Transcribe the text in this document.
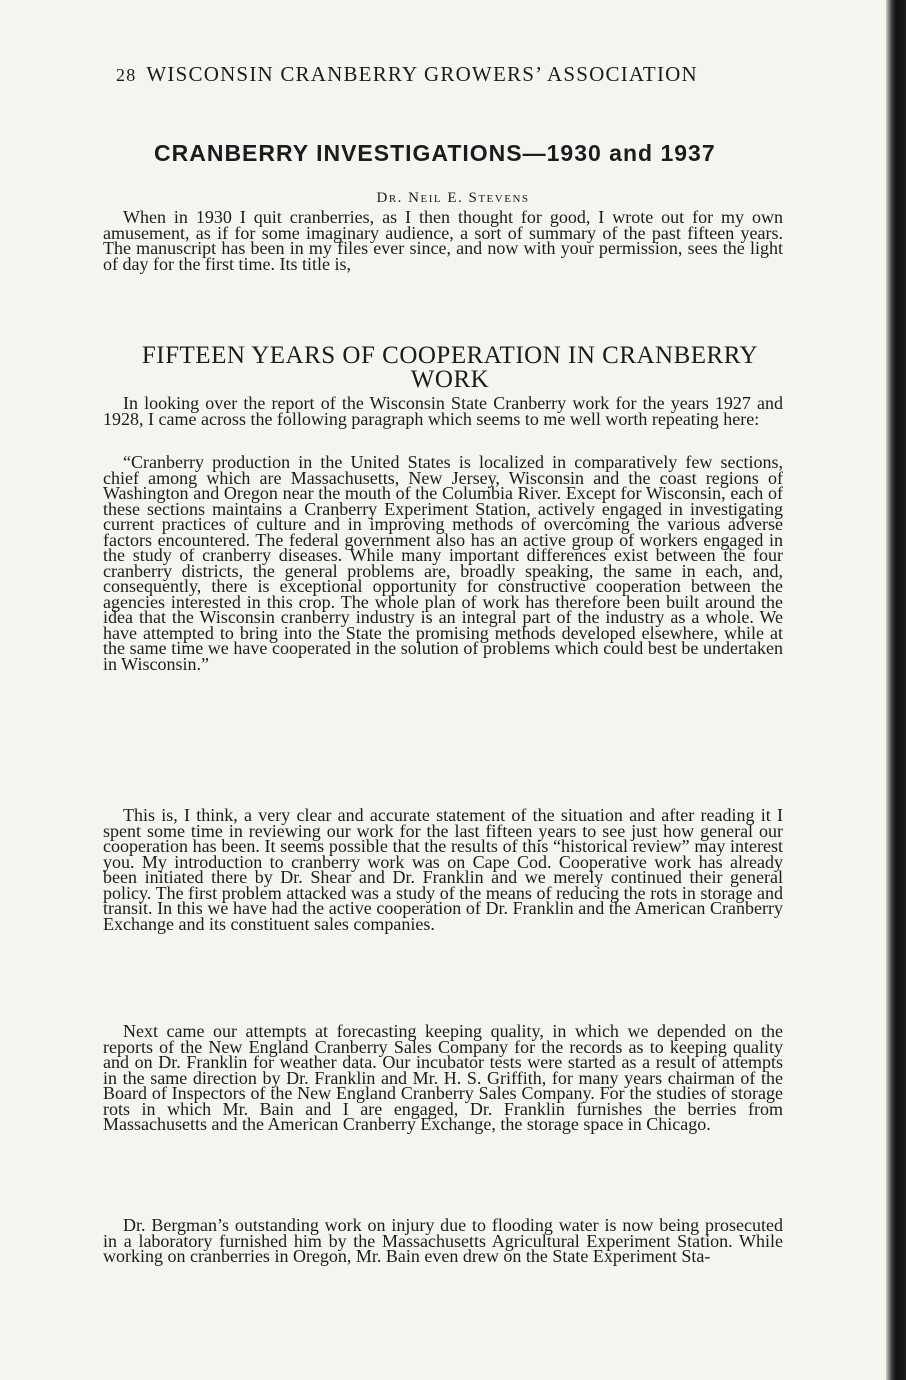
28 WISCONSIN CRANBERRY GROWERS’ ASSOCIATION
CRANBERRY INVESTIGATIONS—1930 and 1937
Dr. Neil E. Stevens

When in 1930 I quit cranberries, as I then thought for good, I wrote out for my own amusement, as if for some imaginary audience, a sort of summary of the past fifteen years. The manuscript has been in my files ever since, and now with your permission, sees the light of day for the first time. Its title is,

FIFTEEN YEARS OF COOPERATION IN CRANBERRY WORK

In looking over the report of the Wisconsin State Cranberry work for the years 1927 and 1928, I came across the following paragraph which seems to me well worth repeating here:

“Cranberry production in the United States is localized in comparatively few sections, chief among which are Massachusetts, New Jersey, Wisconsin and the coast regions of Washington and Oregon near the mouth of the Columbia River. Except for Wisconsin, each of these sections maintains a Cranberry Experiment Station, actively engaged in investigating current practices of culture and in improving methods of overcoming the various adverse factors encountered. The federal government also has an active group of workers engaged in the study of cranberry diseases. While many important differences exist between the four cranberry districts, the general problems are, broadly speaking, the same in each, and, consequently, there is exceptional opportunity for constructive cooperation between the agencies interested in this crop. The whole plan of work has therefore been built around the idea that the Wisconsin cranberry industry is an integral part of the industry as a whole. We have attempted to bring into the State the promising methods developed elsewhere, while at the same time we have cooperated in the solution of problems which could best be undertaken in Wisconsin.”

This is, I think, a very clear and accurate statement of the situation and after reading it I spent some time in reviewing our work for the last fifteen years to see just how general our cooperation has been. It seems possible that the results of this “historical review” may interest you. My introduction to cranberry work was on Cape Cod. Cooperative work has already been initiated there by Dr. Shear and Dr. Franklin and we merely continued their general policy. The first problem attacked was a study of the means of reducing the rots in storage and transit. In this we have had the active cooperation of Dr. Franklin and the American Cranberry Exchange and its constituent sales companies.

Next came our attempts at forecasting keeping quality, in which we depended on the reports of the New England Cranberry Sales Company for the records as to keeping quality and on Dr. Franklin for weather data. Our incubator tests were started as a result of attempts in the same direction by Dr. Franklin and Mr. H. S. Griffith, for many years chairman of the Board of Inspectors of the New England Cranberry Sales Company. For the studies of storage rots in which Mr. Bain and I are engaged, Dr. Franklin furnishes the berries from Massachusetts and the American Cranberry Exchange, the storage space in Chicago.

Dr. Bergman’s outstanding work on injury due to flooding water is now being prosecuted in a laboratory furnished him by the Massachusetts Agricultural Experiment Station. While working on cranberries in Oregon, Mr. Bain even drew on the State Experiment Sta-
